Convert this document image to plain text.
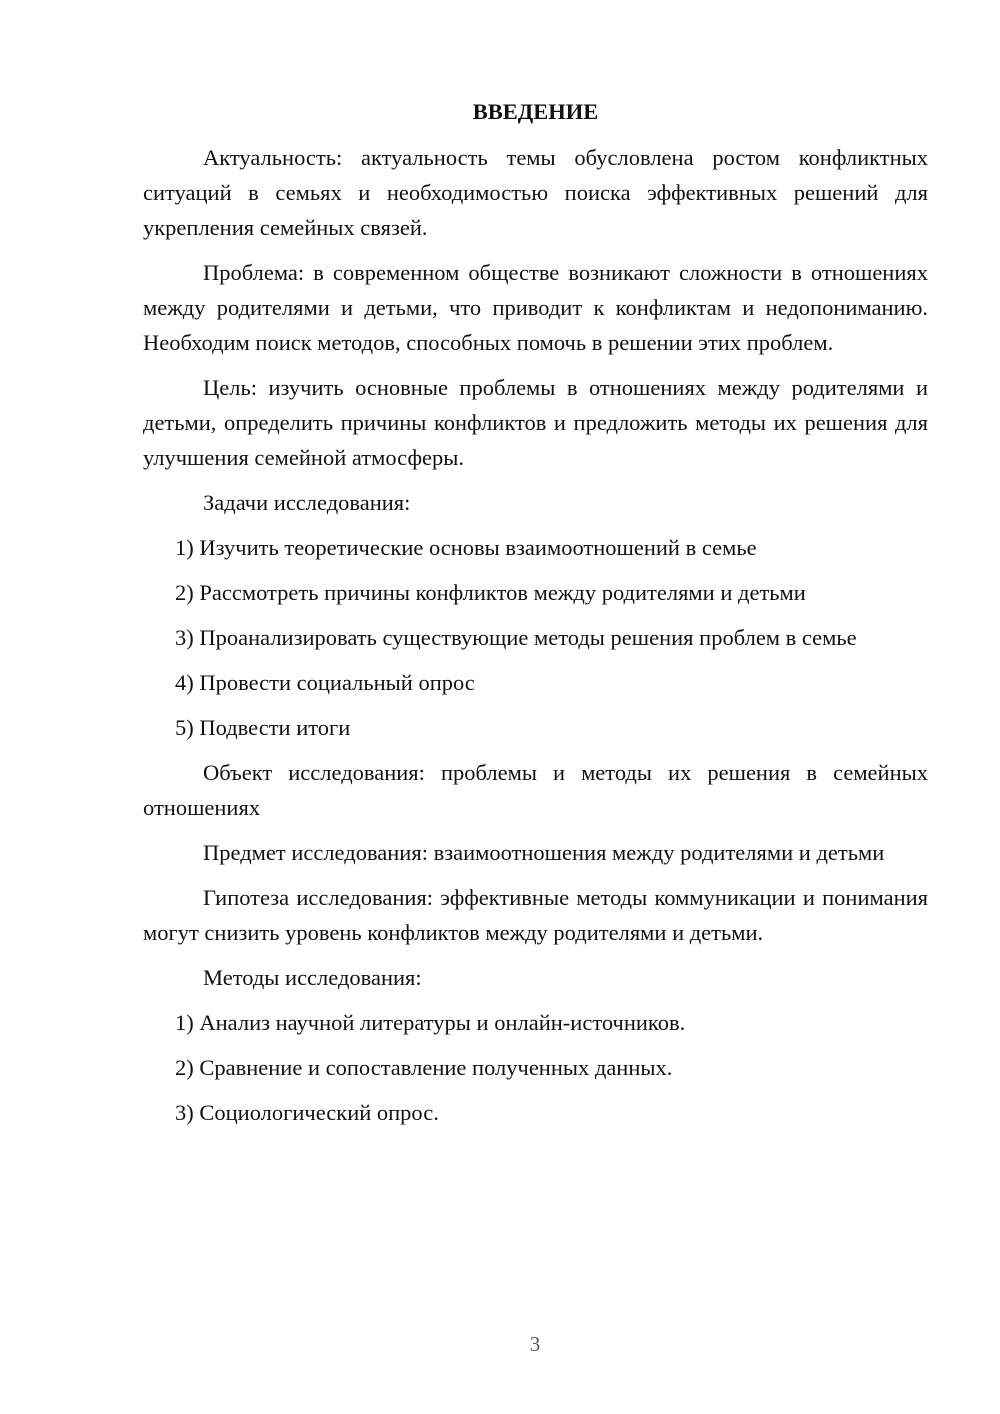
ВВЕДЕНИЕ

Актуальность: актуальность темы обусловлена ростом конфликтных ситуаций в семьях и необходимостью поиска эффективных решений для укрепления семейных связей.

Проблема: в современном обществе возникают сложности в отношениях между родителями и детьми, что приводит к конфликтам и недопониманию. Необходим поиск методов, способных помочь в решении этих проблем.

Цель: изучить основные проблемы в отношениях между родителями и детьми, определить причины конфликтов и предложить методы их решения для улучшения семейной атмосферы.

Задачи исследования:

1) Изучить теоретические основы взаимоотношений в семье

2) Рассмотреть причины конфликтов между родителями и детьми

3) Проанализировать существующие методы решения проблем в семье

4) Провести социальный опрос

5) Подвести итоги

Объект исследования: проблемы и методы их решения в семейных отношениях

Предмет исследования: взаимоотношения между родителями и детьми

Гипотеза исследования: эффективные методы коммуникации и понимания могут снизить уровень конфликтов между родителями и детьми.

Методы исследования:

1) Анализ научной литературы и онлайн-источников.

2) Сравнение и сопоставление полученных данных.

3) Социологический опрос.

3
